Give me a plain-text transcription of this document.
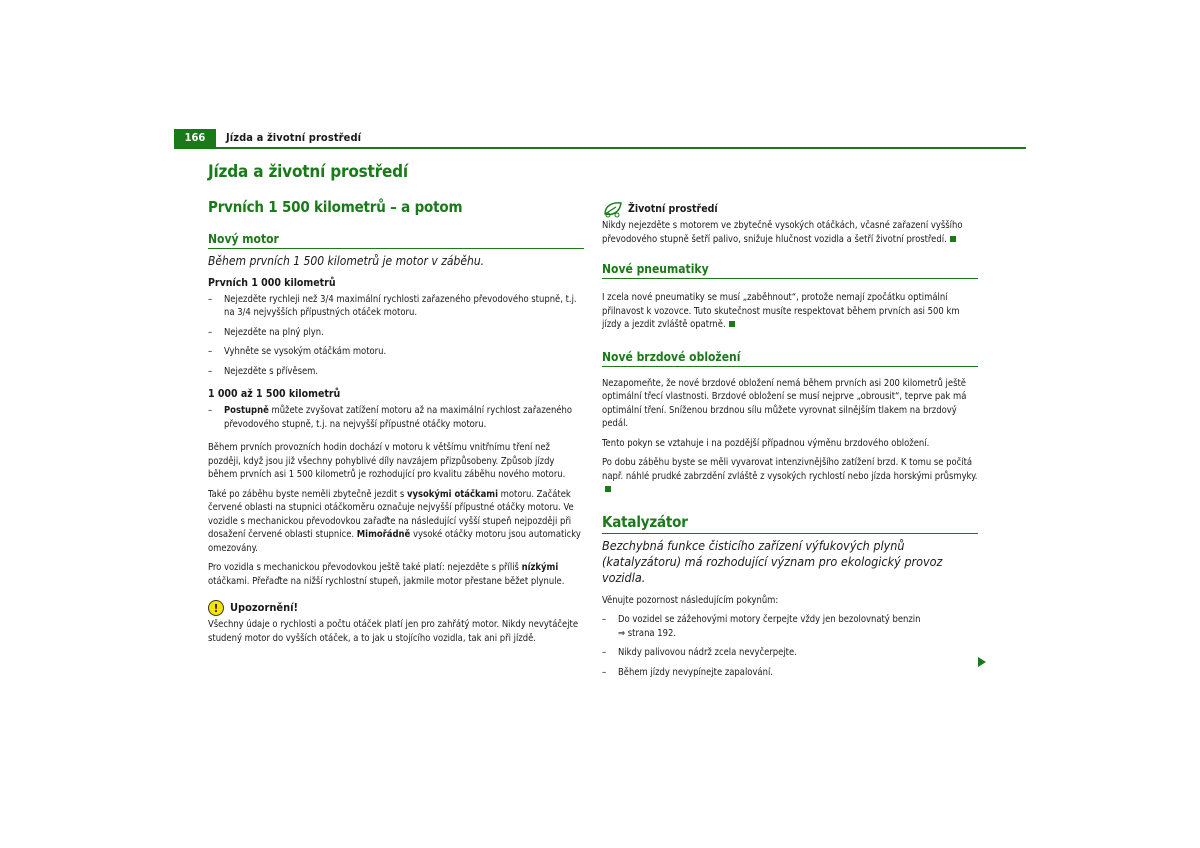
166	Jízda a životní prostředí
Jízda a životní prostředí
Prvních 1 500 kilometrů – a potom
Nový motor

Během prvních 1 500 kilometrů je motor v záběhu.

Prvních 1 000 kilometrů
– Nejezděte rychleji než 3/4 maximální rychlosti zařazeného převodového stupně, t.j. na 3/4 nejvyšších přípustných otáček motoru.
– Nejezděte na plný plyn.
– Vyhněte se vysokým otáčkám motoru.
– Nejezděte s přívěsem.
1 000 až 1 500 kilometrů
– Postupně můžete zvyšovat zatížení motoru až na maximální rychlost zařazeného převodového stupně, t.j. na nejvyšší přípustné otáčky motoru.

Během prvních provozních hodin dochází v motoru k většímu vnitřnímu tření než později, když jsou již všechny pohyblivé díly navzájem přizpůsobeny. Způsob jízdy během prvních asi 1 500 kilometrů je rozhodující pro kvalitu záběhu nového motoru.

Také po záběhu byste neměli zbytečně jezdit s vysokými otáčkami motoru. Začátek červené oblasti na stupnici otáčkoměru označuje nejvyšší přípustné otáčky motoru. Ve vozidle s mechanickou převodovkou zařaďte na následující vyšší stupeň nejpozději při dosažení červené oblasti stupnice. Mimořádně vysoké otáčky motoru jsou automaticky omezovány.

Pro vozidla s mechanickou převodovkou ještě také platí: nejezděte s příliš nízkými otáčkami. Přeřaďte na nižší rychlostní stupeň, jakmile motor přestane běžet plynule.

! Upozornění!

Všechny údaje o rychlosti a počtu otáček platí jen pro zahřátý motor. Nikdy nevytáčejte studený motor do vyšších otáček, a to jak u stojícího vozidla, tak ani při jízdě.

Životní prostředí

Nikdy nejezděte s motorem ve zbytečně vysokých otáčkách, včasné zařazení vyššího převodového stupně šetří palivo, snižuje hlučnost vozidla a šetří životní prostředí.

Nové pneumatiky

I zcela nové pneumatiky se musí „zaběhnout“, protože nemají zpočátku optimální přilnavost k vozovce. Tuto skutečnost musíte respektovat během prvních asi 500 km jízdy a jezdit zvláště opatrně.

Nové brzdové obložení

Nezapomeňte, že nové brzdové obložení nemá během prvních asi 200 kilometrů ještě optimální třecí vlastnosti. Brzdové obložení se musí nejprve „obrousit“, teprve pak má optimální tření. Sníženou brzdnou sílu můžete vyrovnat silnějším tlakem na brzdový pedál.

Tento pokyn se vztahuje i na pozdější případnou výměnu brzdového obložení.

Po dobu záběhu byste se měli vyvarovat intenzivnějšího zatížení brzd. K tomu se počítá např. náhlé prudké zabrzdění zvláště z vysokých rychlostí nebo jízda horskými průsmyky.

Katalyzátor

Bezchybná funkce čisticího zařízení výfukových plynů (katalyzátoru) má rozhodující význam pro ekologický provoz vozidla.

Věnujte pozornost následujícím pokynům:

– Do vozidel se zážehovými motory čerpejte vždy jen bezolovnatý benzin
⇒ strana 192.
– Nikdy palivovou nádrž zcela nevyčerpejte.
– Během jízdy nevypínejte zapalování.
